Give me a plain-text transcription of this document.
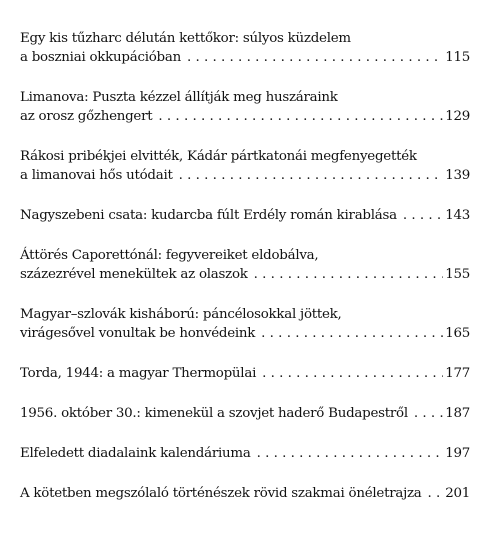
Egy kis tűzharc délután kettőkor: súlyos küzdelem
a boszniai okkupációban . . .	115
Limanova: Puszta kézzel állítják meg huszáraink
az orosz gőzhengert . . .	129
Rákosi pribékjei elvitték, Kádár pártkatonái megfenyegették
a limanovai hős utódait . . .	139
Nagyszebeni csata: kudarcba fúlt Erdély román kirablása . . .	143
Áttörés Caporettónál: fegyvereiket eldobálva,
százezrével menekültek az olaszok . . .	155
Magyar–szlovák kisháború: páncélosokkal jöttek,
virágesővel vonultak be honvédeink . . .	165
Torda, 1944: a magyar Thermopülai . . .	177
1956. október 30.: kimenekül a szovjet haderő Budapestről . . .	187
Elfeledett diadalaink kalendáriuma . . .	197
A kötetben megszólaló történészek rövid szakmai önéletrajza . . . 201
